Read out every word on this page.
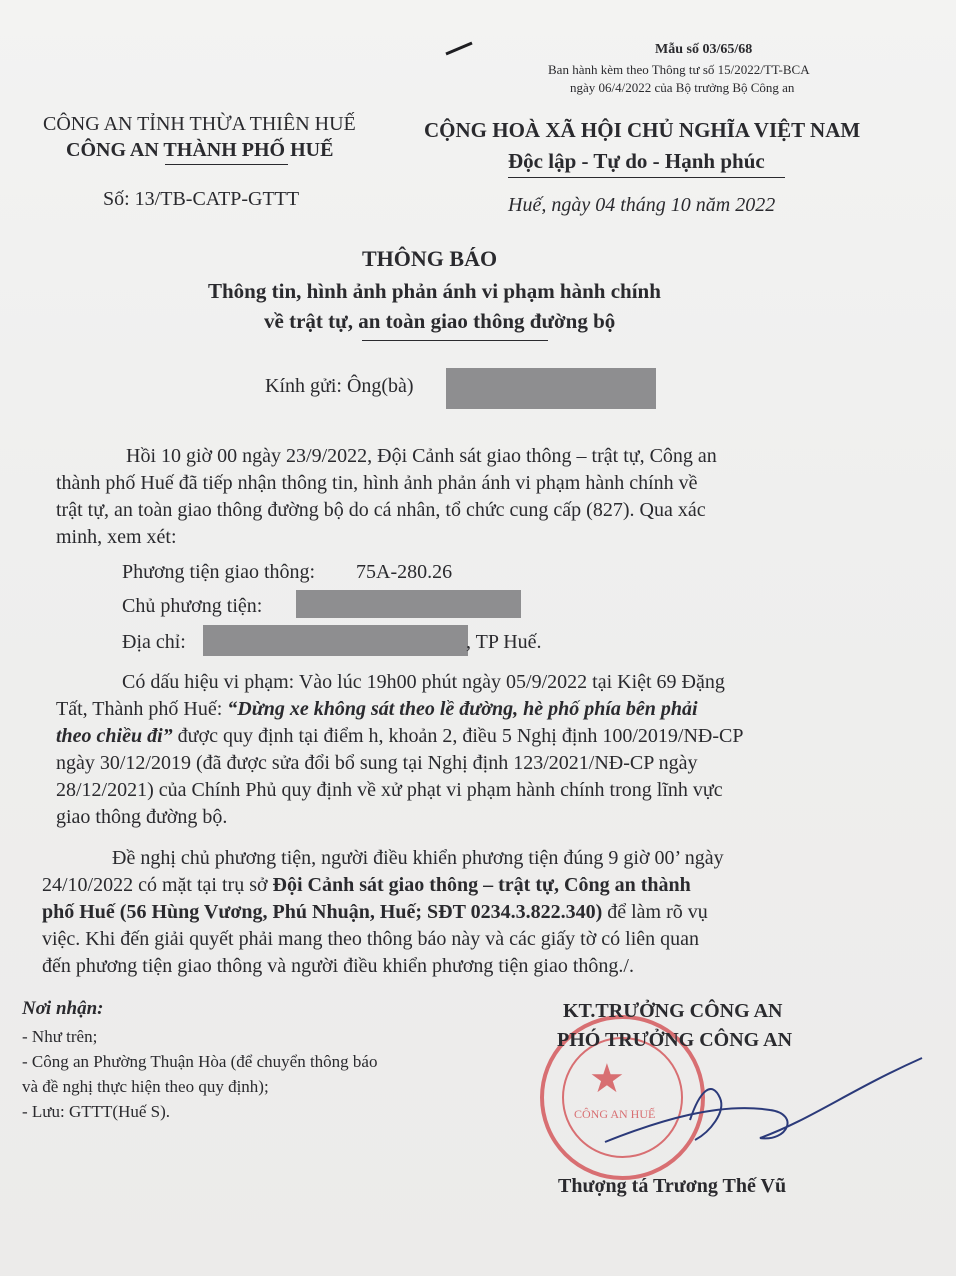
Mẫu số 03/65/68
Ban hành kèm theo Thông tư số 15/2022/TT-BCA
ngày 06/4/2022 của Bộ trưởng Bộ Công an
CÔNG AN TỈNH THỪA THIÊN HUẾ
CÔNG AN THÀNH PHỐ HUẾ
Số: 13/TB-CATP-GTTT
CỘNG HOÀ XÃ HỘI CHỦ NGHĨA VIỆT NAM
Độc lập - Tự do - Hạnh phúc
Huế, ngày 04 tháng 10 năm 2022
THÔNG BÁO
Thông tin, hình ảnh phản ánh vi phạm hành chính
về trật tự, an toàn giao thông đường bộ
Kính gửi: Ông(bà)
Hồi 10 giờ 00 ngày 23/9/2022, Đội Cảnh sát giao thông – trật tự, Công an
thành phố Huế đã tiếp nhận thông tin, hình ảnh phản ánh vi phạm hành chính về
trật tự, an toàn giao thông đường bộ do cá nhân, tổ chức cung cấp (827). Qua xác
minh, xem xét:
Phương tiện giao thông: 75A-280.26
Chủ phương tiện:
Địa chỉ:	, TP Huế.
Có dấu hiệu vi phạm: Vào lúc 19h00 phút ngày 05/9/2022 tại Kiệt 69 Đặng
Tất, Thành phố Huế: “Dừng xe không sát theo lề đường, hè phố phía bên phải
theo chiều đi” được quy định tại điểm h, khoản 2, điều 5 Nghị định 100/2019/NĐ-CP
ngày 30/12/2019 (đã được sửa đổi bổ sung tại Nghị định 123/2021/NĐ-CP ngày
28/12/2021) của Chính Phủ quy định về xử phạt vi phạm hành chính trong lĩnh vực
giao thông đường bộ.
Đề nghị chủ phương tiện, người điều khiển phương tiện đúng 9 giờ 00’ ngày
24/10/2022 có mặt tại trụ sở Đội Cảnh sát giao thông – trật tự, Công an thành
phố Huế (56 Hùng Vương, Phú Nhuận, Huế; SĐT 0234.3.822.340) để làm rõ vụ
việc. Khi đến giải quyết phải mang theo thông báo này và các giấy tờ có liên quan
đến phương tiện giao thông và người điều khiển phương tiện giao thông./.
Nơi nhận:
- Như trên;
- Công an Phường Thuận Hòa (để chuyển thông báo
và đề nghị thực hiện theo quy định);
- Lưu: GTTT(Huế S).
★
CÔNG AN HUẾ
KT.TRƯỞNG CÔNG AN
PHÓ TRƯỞNG CÔNG AN
Thượng tá Trương Thế Vũ
